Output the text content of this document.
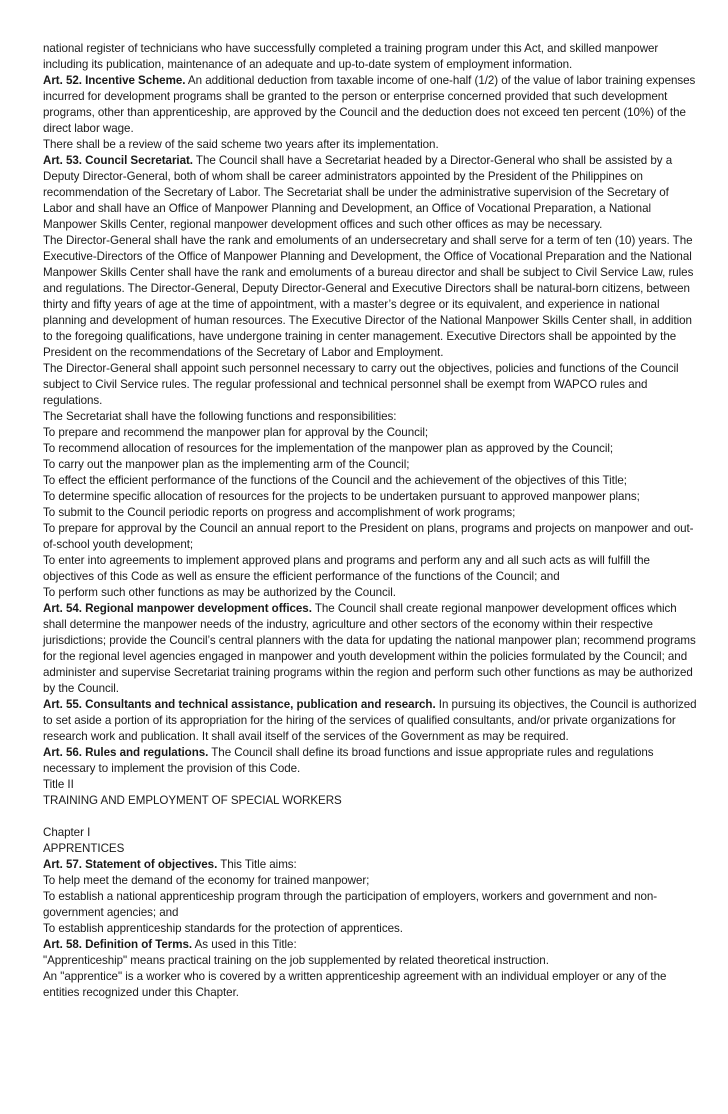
national register of technicians who have successfully completed a training program under this Act, and skilled manpower including its publication, maintenance of an adequate and up-to-date system of employment information.

Art. 52. Incentive Scheme. An additional deduction from taxable income of one-half (1/2) of the value of labor training expenses incurred for development programs shall be granted to the person or enterprise concerned provided that such development programs, other than apprenticeship, are approved by the Council and the deduction does not exceed ten percent (10%) of the direct labor wage.

There shall be a review of the said scheme two years after its implementation.

Art. 53. Council Secretariat. The Council shall have a Secretariat headed by a Director-General who shall be assisted by a Deputy Director-General, both of whom shall be career administrators appointed by the President of the Philippines on recommendation of the Secretary of Labor. The Secretariat shall be under the administrative supervision of the Secretary of Labor and shall have an Office of Manpower Planning and Development, an Office of Vocational Preparation, a National Manpower Skills Center, regional manpower development offices and such other offices as may be necessary.

The Director-General shall have the rank and emoluments of an undersecretary and shall serve for a term of ten (10) years. The Executive-Directors of the Office of Manpower Planning and Development, the Office of Vocational Preparation and the National Manpower Skills Center shall have the rank and emoluments of a bureau director and shall be subject to Civil Service Law, rules and regulations. The Director-General, Deputy Director-General and Executive Directors shall be natural-born citizens, between thirty and fifty years of age at the time of appointment, with a master’s degree or its equivalent, and experience in national planning and development of human resources. The Executive Director of the National Manpower Skills Center shall, in addition to the foregoing qualifications, have undergone training in center management. Executive Directors shall be appointed by the President on the recommendations of the Secretary of Labor and Employment.

The Director-General shall appoint such personnel necessary to carry out the objectives, policies and functions of the Council subject to Civil Service rules. The regular professional and technical personnel shall be exempt from WAPCO rules and regulations.

The Secretariat shall have the following functions and responsibilities:

To prepare and recommend the manpower plan for approval by the Council;

To recommend allocation of resources for the implementation of the manpower plan as approved by the Council;

To carry out the manpower plan as the implementing arm of the Council;

To effect the efficient performance of the functions of the Council and the achievement of the objectives of this Title;

To determine specific allocation of resources for the projects to be undertaken pursuant to approved manpower plans;

To submit to the Council periodic reports on progress and accomplishment of work programs;

To prepare for approval by the Council an annual report to the President on plans, programs and projects on manpower and out-of-school youth development;

To enter into agreements to implement approved plans and programs and perform any and all such acts as will fulfill the objectives of this Code as well as ensure the efficient performance of the functions of the Council; and

To perform such other functions as may be authorized by the Council.

Art. 54. Regional manpower development offices. The Council shall create regional manpower development offices which shall determine the manpower needs of the industry, agriculture and other sectors of the economy within their respective jurisdictions; provide the Council’s central planners with the data for updating the national manpower plan; recommend programs for the regional level agencies engaged in manpower and youth development within the policies formulated by the Council; and administer and supervise Secretariat training programs within the region and perform such other functions as may be authorized by the Council.

Art. 55. Consultants and technical assistance, publication and research. In pursuing its objectives, the Council is authorized to set aside a portion of its appropriation for the hiring of the services of qualified consultants, and/or private organizations for research work and publication. It shall avail itself of the services of the Government as may be required.

Art. 56. Rules and regulations. The Council shall define its broad functions and issue appropriate rules and regulations necessary to implement the provision of this Code.

Title II

TRAINING AND EMPLOYMENT OF SPECIAL WORKERS

Chapter I

APPRENTICES

Art. 57. Statement of objectives. This Title aims:

To help meet the demand of the economy for trained manpower;

To establish a national apprenticeship program through the participation of employers, workers and government and non-government agencies; and

To establish apprenticeship standards for the protection of apprentices.

Art. 58. Definition of Terms. As used in this Title:

"Apprenticeship" means practical training on the job supplemented by related theoretical instruction.

An "apprentice" is a worker who is covered by a written apprenticeship agreement with an individual employer or any of the entities recognized under this Chapter.
